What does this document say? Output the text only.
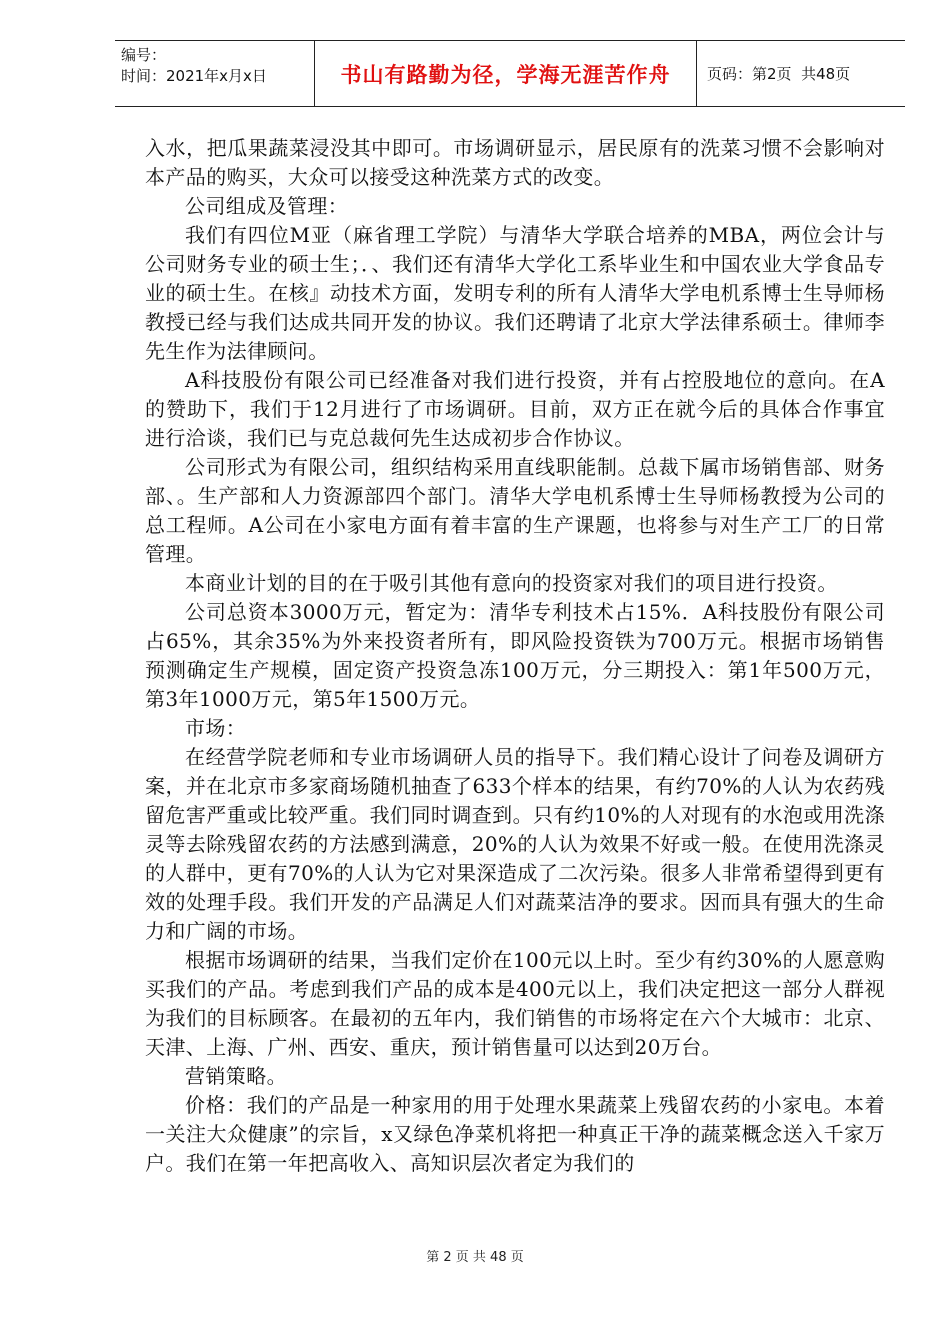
编号：
时间：2021年x月x日	书山有路勤为径，学海无涯苦作舟	页码：第2页  共48页

入水，把瓜果蔬菜浸没其中即可。市场调研显示，居民原有的洗菜习惯不会影响对本产品的购买，大众可以接受这种洗菜方式的改变。

公司组成及管理：

我们有四位M亚（麻省理工学院）与清华大学联合培养的MBA，两位会计与公司财务专业的硕士生；．、我们还有清华大学化工系毕业生和中国农业大学食品专业的硕士生。在核』动技术方面，发明专利的所有人清华大学电机系博士生导师杨教授已经与我们达成共同开发的协议。我们还聘请了北京大学法律系硕士。律师李先生作为法律顾问。

A科技股份有限公司已经准备对我们进行投资，并有占控股地位的意向。在A的赞助下，我们于12月进行了市场调研。目前，双方正在就今后的具体合作事宜进行洽谈，我们已与克总裁何先生达成初步合作协议。

公司形式为有限公司，组织结构采用直线职能制。总裁下属市场销售部、财务部、。生产部和人力资源部四个部门。清华大学电机系博士生导师杨教授为公司的总工程师。A公司在小家电方面有着丰富的生产课题，也将参与对生产工厂的日常管理。

本商业计划的目的在于吸引其他有意向的投资家对我们的项目进行投资。

公司总资本3000万元，暂定为：清华专利技术占15%．A科技股份有限公司占65%，其余35%为外来投资者所有，即风险投资铁为700万元。根据市场销售预测确定生产规模，固定资产投资急冻100万元，分三期投入：第1年500万元，第3年1000万元，第5年1500万元。

市场：

在经营学院老师和专业市场调研人员的指导下。我们精心设计了问卷及调研方案，并在北京市多家商场随机抽查了633个样本的结果，有约70%的人认为农药残留危害严重或比较严重。我们同时调查到。只有约10%的人对现有的水泡或用洗涤灵等去除残留农药的方法感到满意，20%的人认为效果不好或一般。在使用洗涤灵的人群中，更有70%的人认为它对果深造成了二次污染。很多人非常希望得到更有效的处理手段。我们开发的产品满足人们对蔬菜洁净的要求。因而具有强大的生命力和广阔的市场。

根据市场调研的结果，当我们定价在100元以上时。至少有约30%的人愿意购买我们的产品。考虑到我们产品的成本是400元以上，我们决定把这一部分人群视为我们的目标顾客。在最初的五年内，我们销售的市场将定在六个大城市：北京、天津、上海、广州、西安、重庆，预计销售量可以达到20万台。

营销策略。

价格：我们的产品是一种家用的用于处理水果蔬菜上残留农药的小家电。本着一关注大众健康”的宗旨，x又绿色净菜机将把一种真正干净的蔬菜概念送入千家万户。我们在第一年把高收入、高知识层次者定为我们的

第 2 页 共 48 页
